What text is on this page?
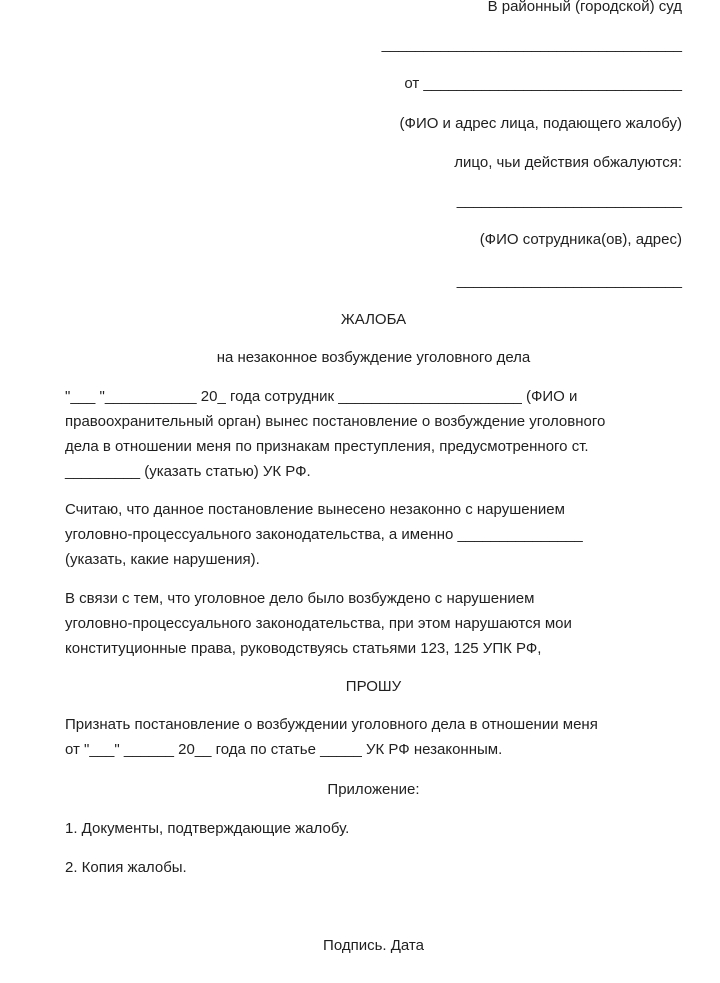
В районный (городской) суд
____________________________________
от _______________________________
(ФИО и адрес лица, подающего жалобу)
лицо, чьи действия обжалуются:
___________________________
(ФИО сотрудника(ов), адрес)
___________________________
ЖАЛОБА
на незаконное возбуждение уголовного дела

"___ "___________ 20_ года сотрудник ______________________ (ФИО и

правоохранительный орган) вынес постановление о возбуждение уголовного

дела в отношении меня по признакам преступления, предусмотренного ст.

_________ (указать статью) УК РФ.

Считаю, что данное постановление вынесено незаконно с нарушением

уголовно-процессуального законодательства, а именно _______________

(указать, какие нарушения).

В связи с тем, что уголовное дело было возбуждено с нарушением

уголовно-процессуального законодательства, при этом нарушаются мои

конституционные права, руководствуясь статьями 123, 125 УПК РФ,

ПРОШУ

Признать постановление о возбуждении уголовного дела в отношении меня

от "___" ______ 20__ года по статье _____ УК РФ незаконным.

Приложение:
1. Документы, подтверждающие жалобу.
2. Копия жалобы.
Подпись. Дата
